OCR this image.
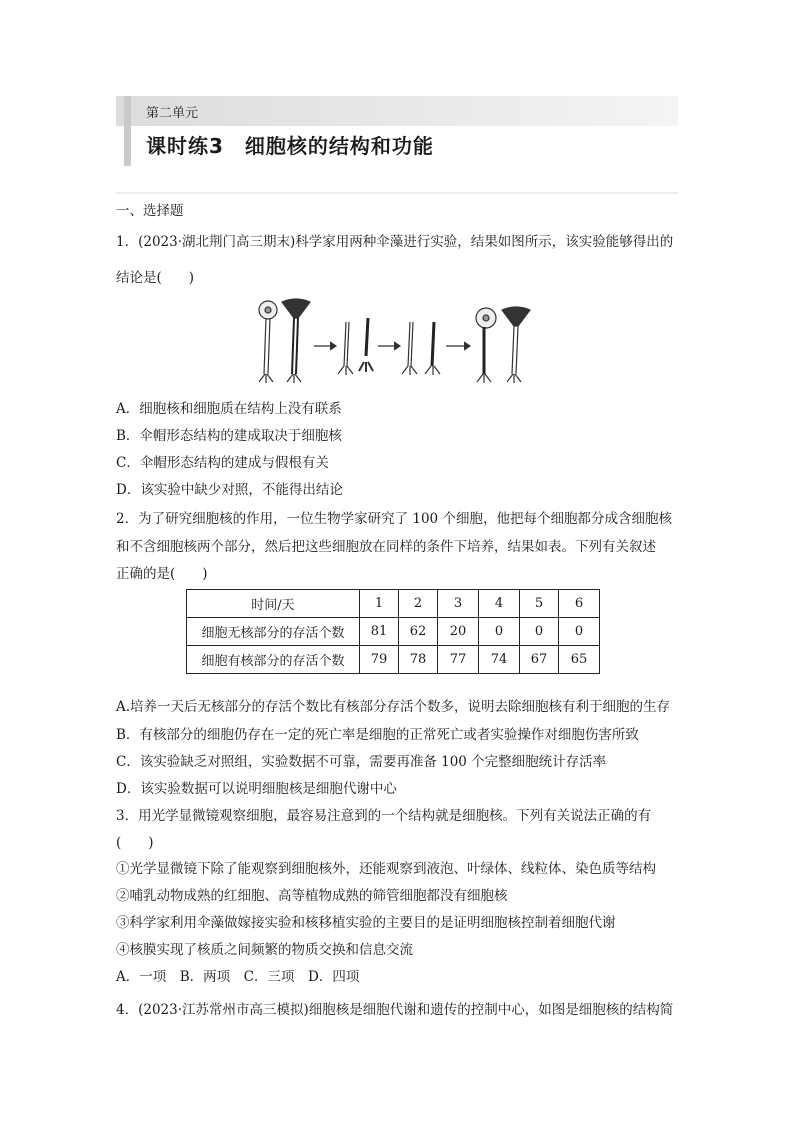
第二单元
课时练3　细胞核的结构和功能
一、选择题
1．(2023·湖北荆门高三期末)科学家用两种伞藻进行实验，结果如图所示，该实验能够得出的
结论是(　　)
A．细胞核和细胞质在结构上没有联系
B．伞帽形态结构的建成取决于细胞核
C．伞帽形态结构的建成与假根有关
D．该实验中缺少对照，不能得出结论
2．为了研究细胞核的作用，一位生物学家研究了 100 个细胞，他把每个细胞都分成含细胞核
和不含细胞核两个部分，然后把这些细胞放在同样的条件下培养，结果如表。下列有关叙述
正确的是(　　)
时间/天	1	2	3	4	5	6
细胞无核部分的存活个数	81	62	20	0	0	0
细胞有核部分的存活个数	79	78	77	74	67	65
A.培养一天后无核部分的存活个数比有核部分存活个数多，说明去除细胞核有利于细胞的生存
B．有核部分的细胞仍存在一定的死亡率是细胞的正常死亡或者实验操作对细胞伤害所致
C．该实验缺乏对照组，实验数据不可靠，需要再准备 100 个完整细胞统计存活率
D．该实验数据可以说明细胞核是细胞代谢中心
3．用光学显微镜观察细胞，最容易注意到的一个结构就是细胞核。下列有关说法正确的有
(　　)
①光学显微镜下除了能观察到细胞核外，还能观察到液泡、叶绿体、线粒体、染色质等结构
②哺乳动物成熟的红细胞、高等植物成熟的筛管细胞都没有细胞核
③科学家利用伞藻做嫁接实验和核移植实验的主要目的是证明细胞核控制着细胞代谢
④核膜实现了核质之间频繁的物质交换和信息交流
A．一项　B．两项　C．三项　D．四项
4．(2023·江苏常州市高三模拟)细胞核是细胞代谢和遗传的控制中心，如图是细胞核的结构简
